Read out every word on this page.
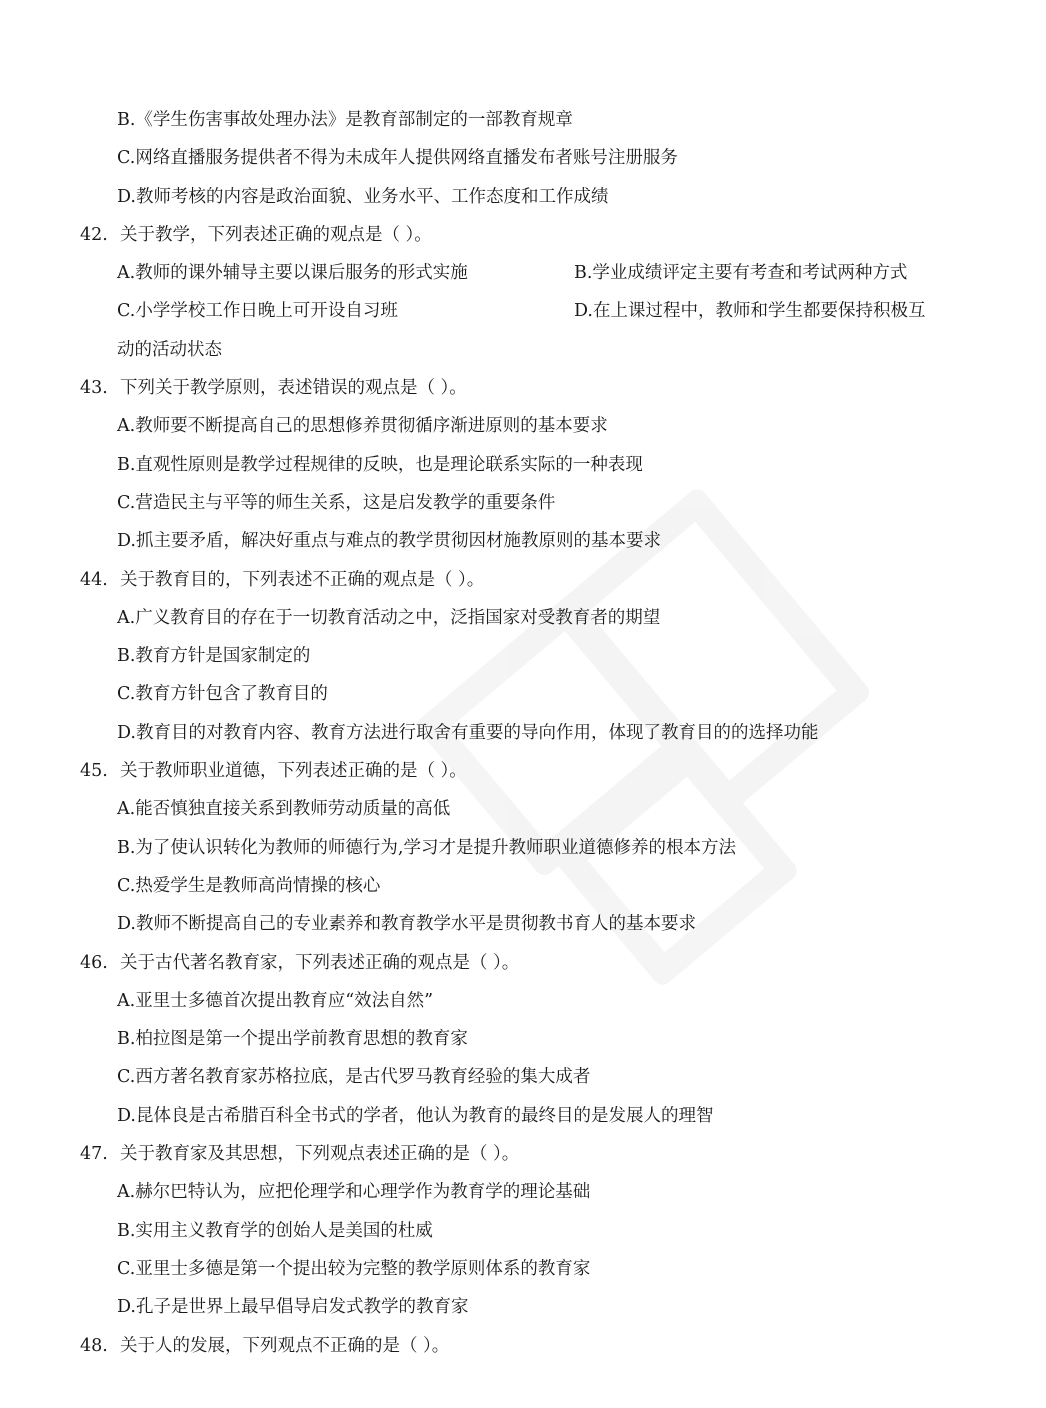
B.《学生伤害事故处理办法》是教育部制定的一部教育规章
C.网络直播服务提供者不得为未成年人提供网络直播发布者账号注册服务
D.教师考核的内容是政治面貌、业务水平、工作态度和工作成绩
42. 关于教学，下列表述正确的观点是（ ）。
A.教师的课外辅导主要以课后服务的形式实施	B.学业成绩评定主要有考查和考试两种方式
C.小学学校工作日晚上可开设自习班	D.在上课过程中，教师和学生都要保持积极互
动的活动状态
43. 下列关于教学原则，表述错误的观点是（ ）。
A.教师要不断提高自己的思想修养贯彻循序渐进原则的基本要求
B.直观性原则是教学过程规律的反映，也是理论联系实际的一种表现
C.营造民主与平等的师生关系，这是启发教学的重要条件
D.抓主要矛盾，解决好重点与难点的教学贯彻因材施教原则的基本要求
44. 关于教育目的，下列表述不正确的观点是（ ）。
A.广义教育目的存在于一切教育活动之中，泛指国家对受教育者的期望
B.教育方针是国家制定的
C.教育方针包含了教育目的
D.教育目的对教育内容、教育方法进行取舍有重要的导向作用，体现了教育目的的选择功能
45. 关于教师职业道德，下列表述正确的是（ ）。
A.能否慎独直接关系到教师劳动质量的高低
B.为了使认识转化为教师的师德行为,学习才是提升教师职业道德修养的根本方法
C.热爱学生是教师高尚情操的核心
D.教师不断提高自己的专业素养和教育教学水平是贯彻教书育人的基本要求
46. 关于古代著名教育家，下列表述正确的观点是（ ）。
A.亚里士多德首次提出教育应“效法自然”
B.柏拉图是第一个提出学前教育思想的教育家
C.西方著名教育家苏格拉底，是古代罗马教育经验的集大成者
D.昆体良是古希腊百科全书式的学者，他认为教育的最终目的是发展人的理智
47. 关于教育家及其思想，下列观点表述正确的是（ ）。
A.赫尔巴特认为，应把伦理学和心理学作为教育学的理论基础
B.实用主义教育学的创始人是美国的杜威
C.亚里士多德是第一个提出较为完整的教学原则体系的教育家
D.孔子是世界上最早倡导启发式教学的教育家
48. 关于人的发展，下列观点不正确的是（ ）。
